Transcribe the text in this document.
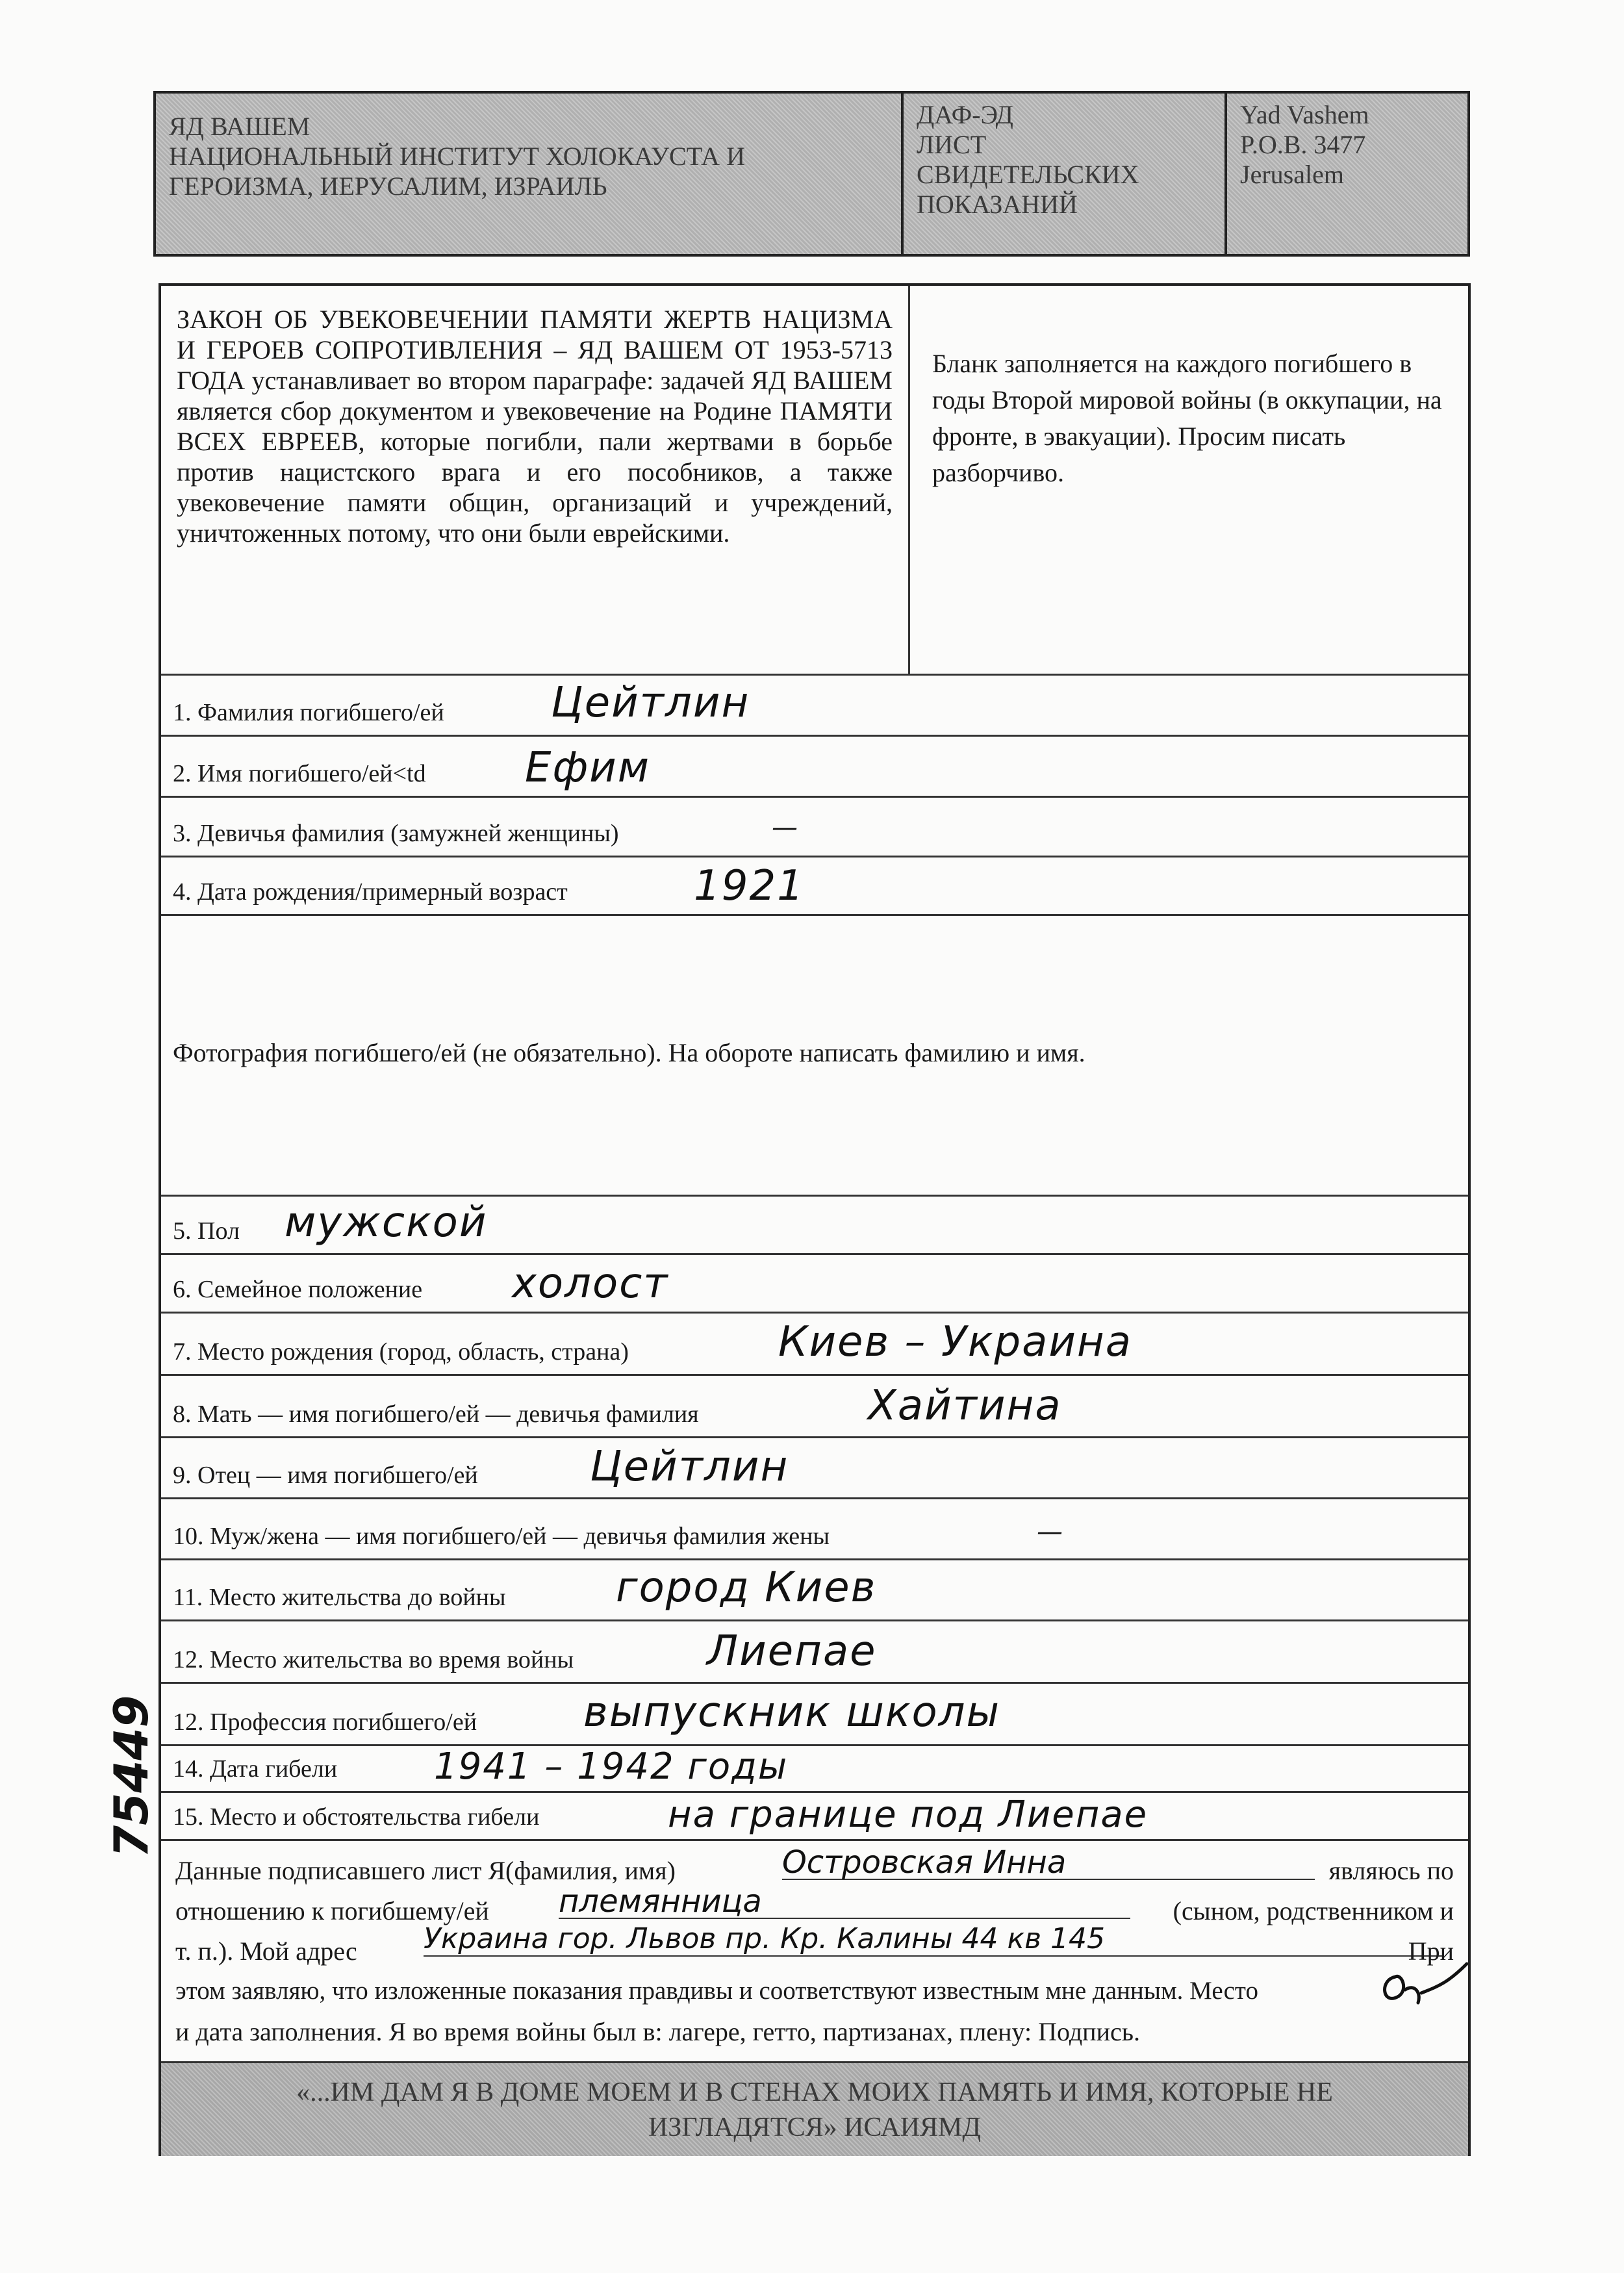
ЯД ВАШЕМ
НАЦИОНАЛЬНЫЙ ИНСТИТУТ ХОЛОКАУСТА И
ГЕРОИЗМА, ИЕРУСАЛИМ, ИЗРАИЛЬ
ДАФ-ЭД
ЛИСТ
СВИДЕТЕЛЬСКИХ
ПОКАЗАНИЙ
Yad Vashem
P.O.B. 3477
Jerusalem
ЗАКОН ОБ УВЕКОВЕЧЕНИИ ПАМЯТИ ЖЕРТВ НАЦИЗМА И ГЕРОЕВ СОПРОТИВЛЕНИЯ – ЯД ВАШЕМ ОТ 1953-5713 ГОДА устанавливает во втором параграфе: задачей ЯД ВАШЕМ является сбор документом и увековечение на Родине ПАМЯТИ ВСЕХ ЕВРЕЕВ, которые погибли, пали жертвами в борьбе против нацистского врага и его пособников, а также увековечение памяти общин, организаций и учреждений, уничтоженных потому, что они были еврейскими.
Бланк заполняется на каждого погибшего в годы Второй мировой войны (в оккупации, на фронте, в эвакуации). Просим писать разборчиво.
1. Фамилия погибшего/ей	Цейтлин
2. Имя погибшего/ей<td Ефим
3. Девичья фамилия (замужней женщины)	—
4. Дата рождения/примерный возраст	1921
Фотография погибшего/ей (не обязательно). На обороте написать фамилию и имя.
5. Пол мужской
6. Семейное положение холост
7. Место рождения (город, область, страна)	Киев – Украина
8. Мать — имя погибшего/ей — девичья фамилия	Хайтина
9. Отец — имя погибшего/ей	Цейтлин
10. Муж/жена — имя погибшего/ей — девичья фамилия жены	—
11. Место жительства до войны	город Киев
12. Место жительства во время войны	Лиепае
12. Профессия погибшего/ей	выпускник школы
14. Дата гибели	1941 – 1942 годы
15. Место и обстоятельства гибели	на границе под Лиепае
Данные подписавшего лист Я(фамилия, имя)	Островская Инна	являюсь по
отношению к погибшему/ей	племянница	(сыном, родственником и
т. п.). Мой адрес	Украина гор. Львов пр. Кр. Калины 44 кв 145	При
этом заявляю, что изложенные показания правдивы и соответствуют известным мне данным. Место
и дата заполнения. Я во время войны был в: лагере, гетто, партизанах, плену: Подпись.
«...ИМ ДАМ Я В ДОМЕ МОЕМ И В СТЕНАХ МОИХ ПАМЯТЬ И ИМЯ, КОТОРЫЕ НЕ
ИЗГЛАДЯТСЯ» ИСАИЯМД
75449
